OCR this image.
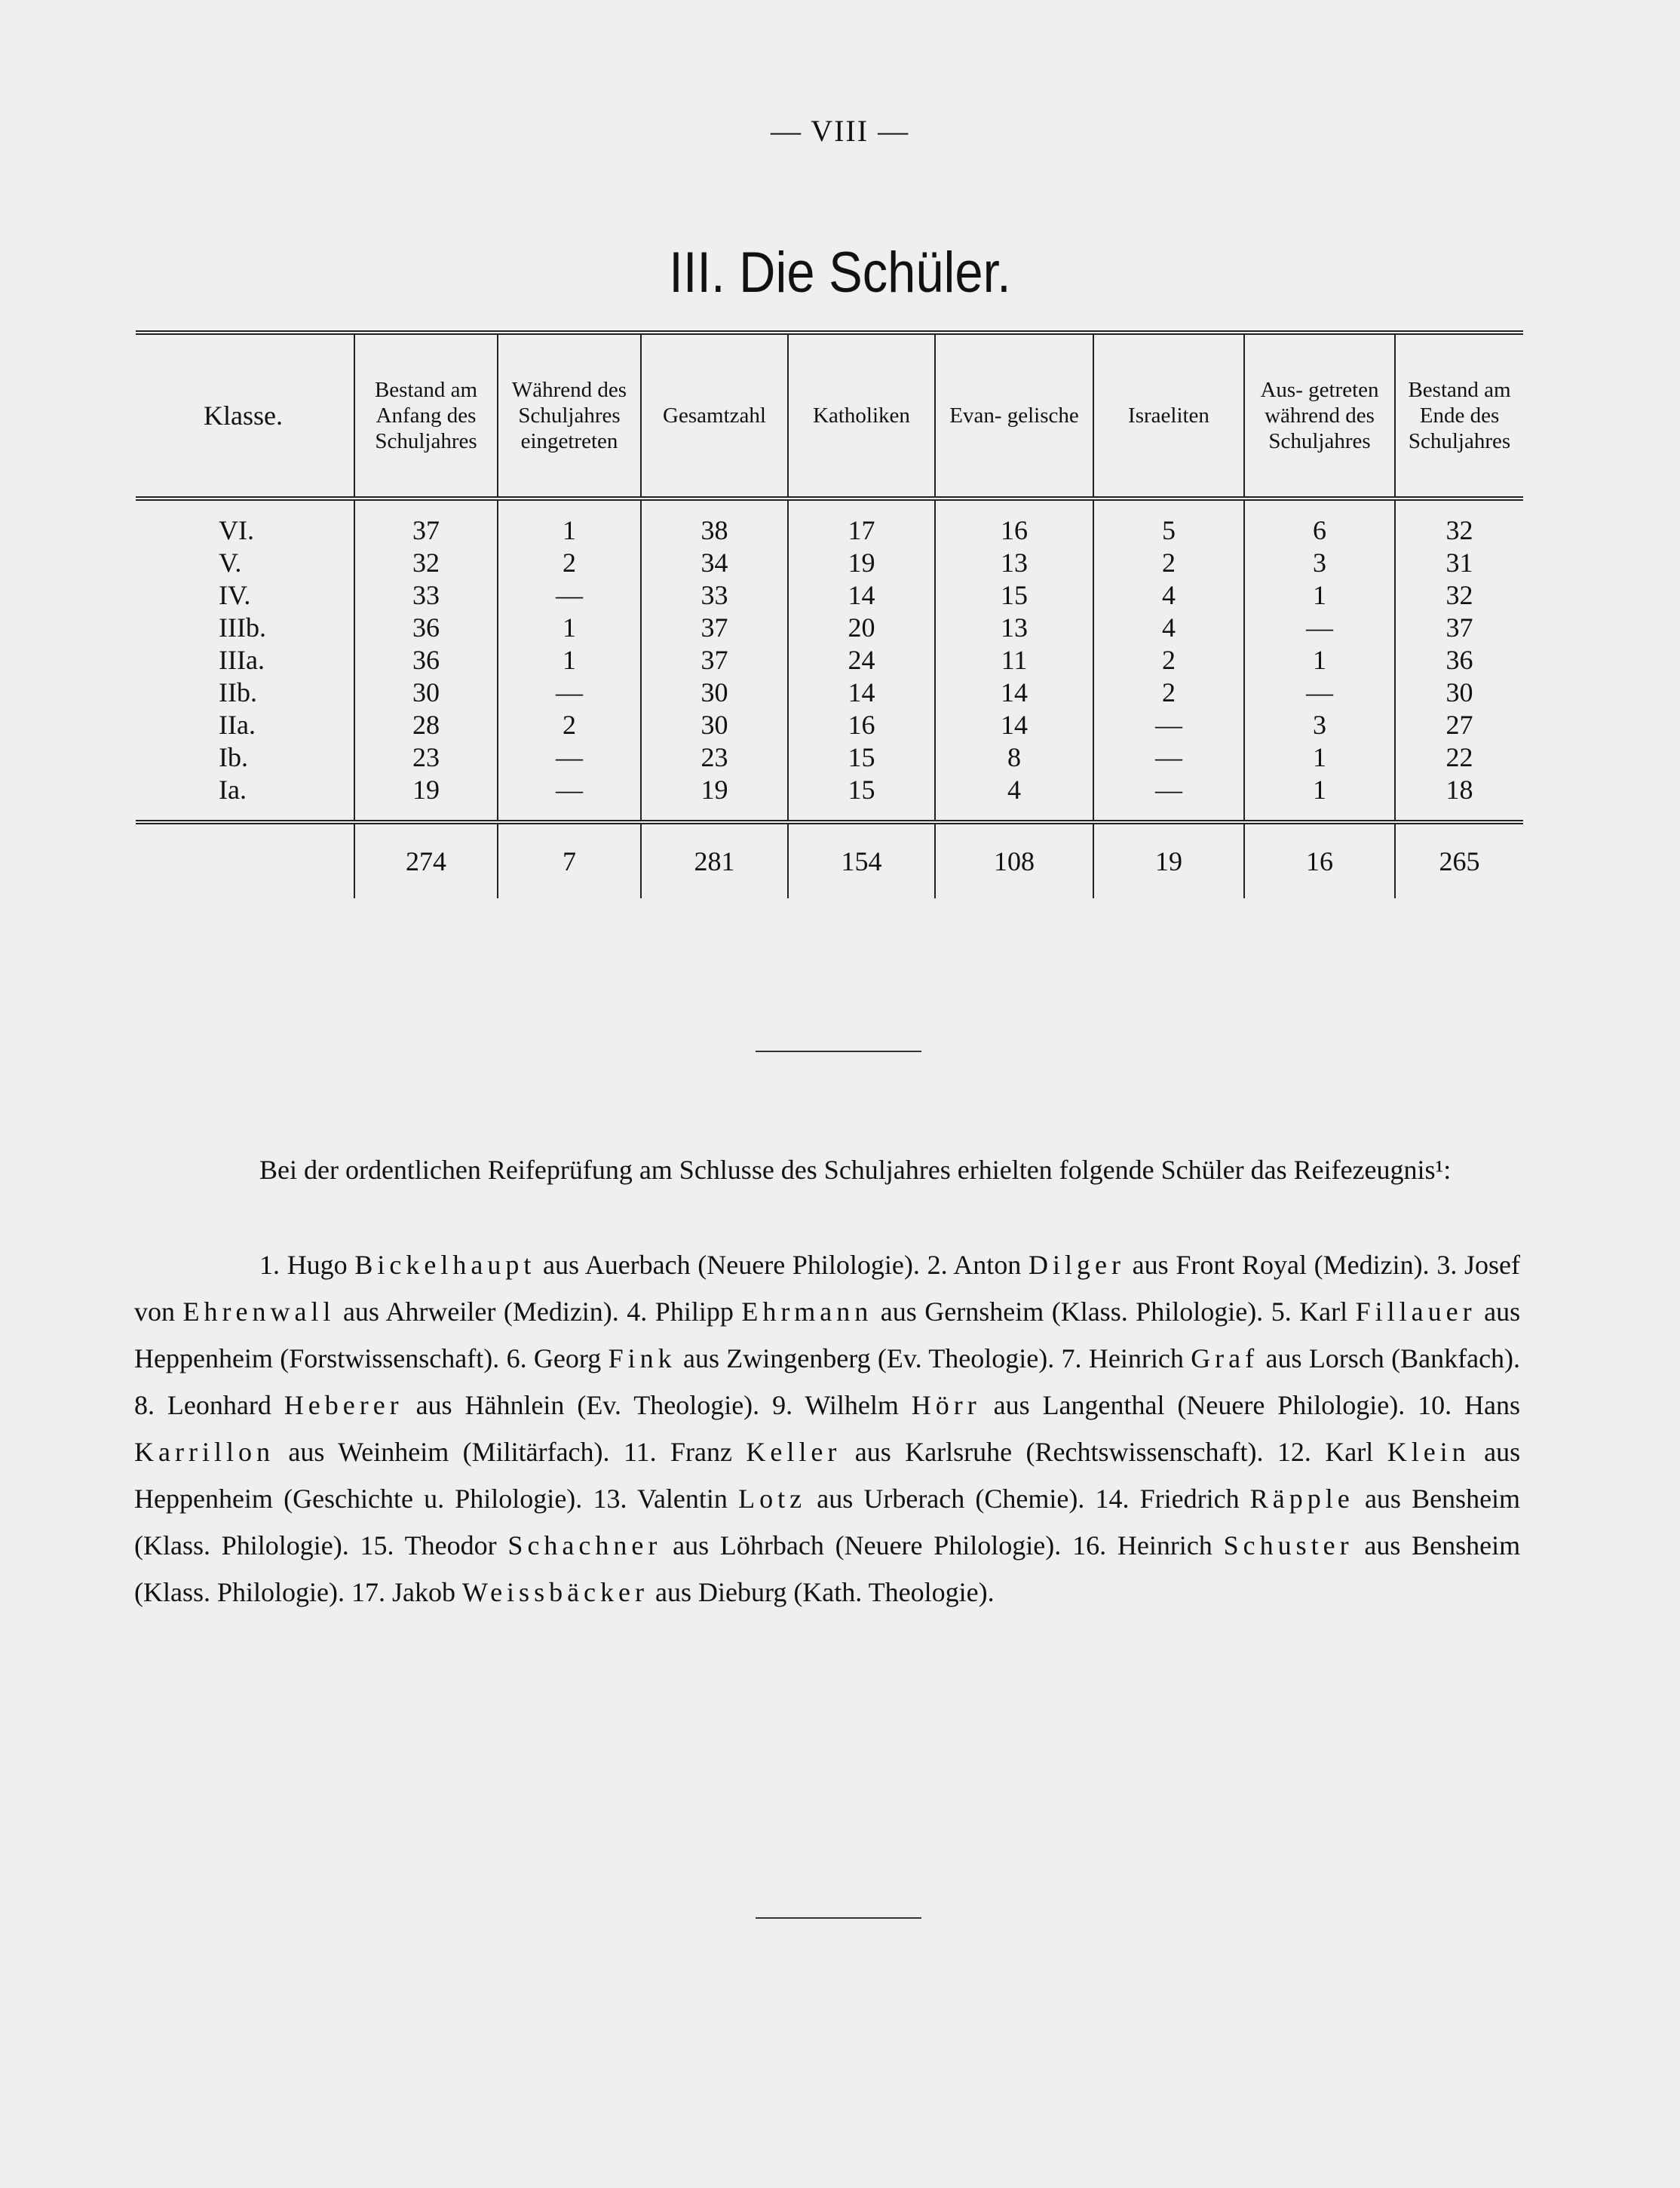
— VIII —
III. Die Schüler.

Klasse.	Bestand am Anfang des Schuljahres	Während des Schuljahres eingetreten	Gesamtzahl	Katholiken	Evan- gelische	Israeliten	Aus- getreten während des Schuljahres	Bestand am Ende des Schuljahres

VI.	37	1	38	17	16	5	6	32
V.	32	2	34	19	13	2	3	31
IV.	33	—	33	14	15	4	1	32
IIIb.	36	1	37	20	13	4	—	37
IIIa.	36	1	37	24	11	2	1	36
IIb.	30	—	30	14	14	2	—	30
IIa.	28	2	30	16	14	—	3	27
Ib.	23	—	23	15	8	—	1	22
Ia.	19	—	19	15	4	—	1	18

	274	7	281	154	108	19	16	265
Bei der ordentlichen Reifeprüfung am Schlusse des Schuljahres erhielten folgende Schüler das Reifezeugnis¹:
1. Hugo Bickelhaupt aus Auerbach (Neuere Philologie). 2. Anton Dilger aus Front Royal (Medizin). 3. Josef von Ehrenwall aus Ahrweiler (Medizin). 4. Philipp Ehrmann aus Gernsheim (Klass. Philologie). 5. Karl Fillauer aus Heppenheim (Forstwissenschaft). 6. Georg Fink aus Zwingenberg (Ev. Theologie). 7. Heinrich Graf aus Lorsch (Bankfach). 8. Leonhard Heberer aus Hähnlein (Ev. Theologie). 9. Wilhelm Hörr aus Langenthal (Neuere Philologie). 10. Hans Karrillon aus Weinheim (Militärfach). 11. Franz Keller aus Karlsruhe (Rechtswissenschaft). 12. Karl Klein aus Heppenheim (Geschichte u. Philologie). 13. Valentin Lotz aus Urberach (Chemie). 14. Friedrich Räpple aus Bensheim (Klass. Philologie). 15. Theodor Schachner aus Löhrbach (Neuere Philologie). 16. Heinrich Schuster aus Bensheim (Klass. Philologie). 17. Jakob Weissbäcker aus Dieburg (Kath. Theologie).
